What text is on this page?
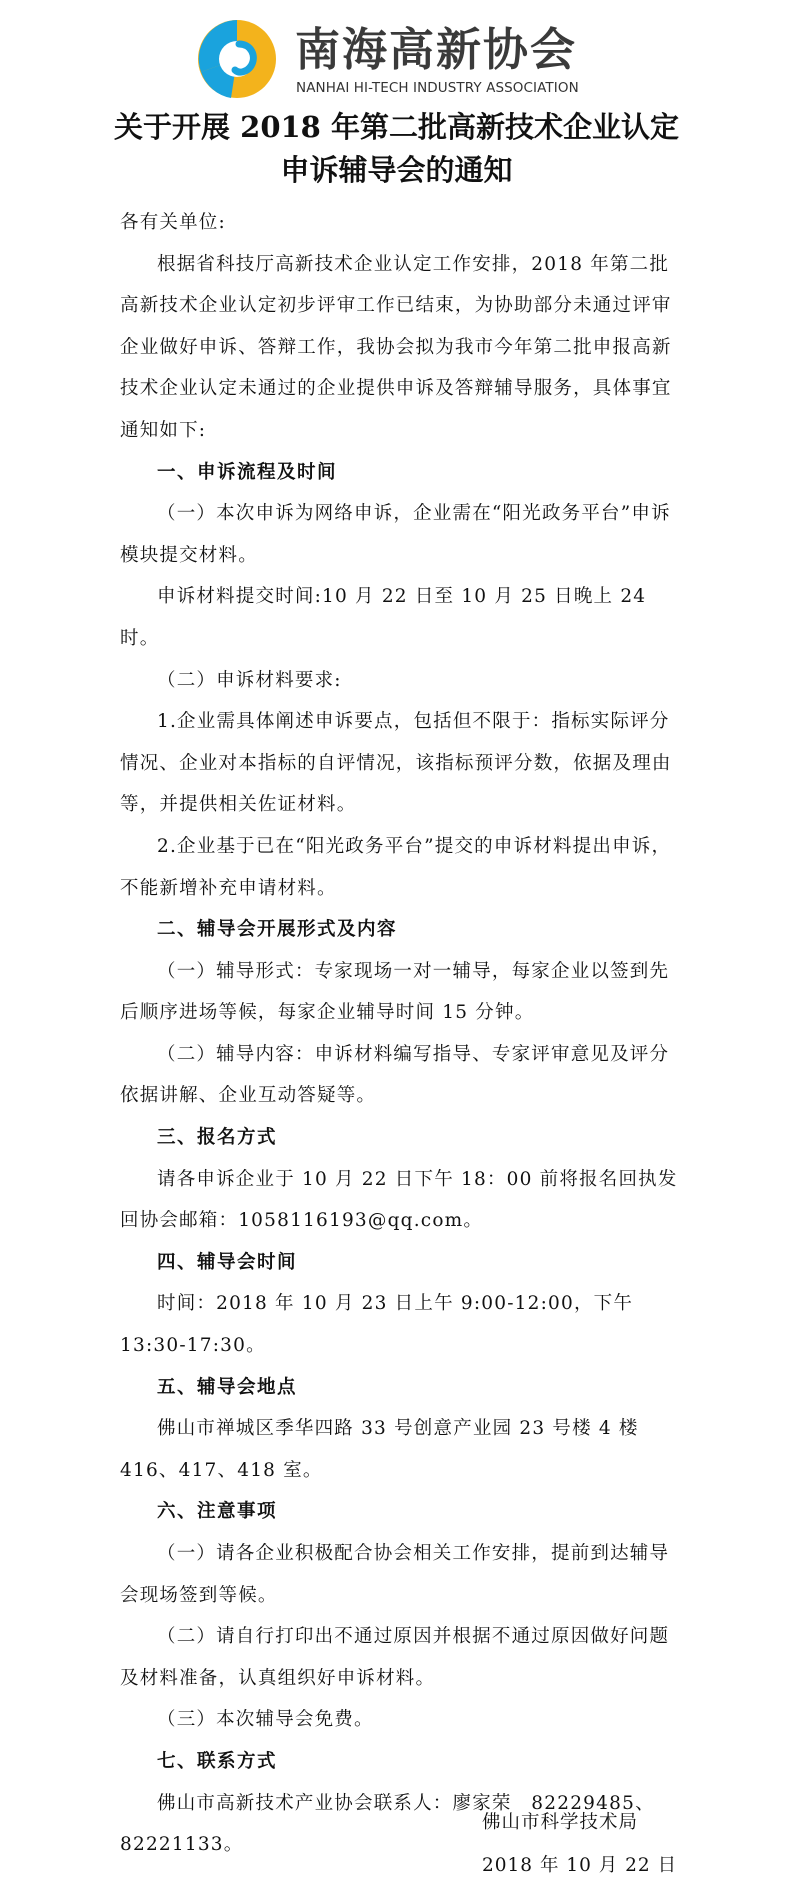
南海高新协会
NANHAI HI-TECH INDUSTRY ASSOCIATION
关于开展 2018 年第二批高新技术企业认定
申诉辅导会的通知

各有关单位:

根据省科技厅高新技术企业认定工作安排，2018 年第二批高新技术企业认定初步评审工作已结束，为协助部分未通过评审企业做好申诉、答辩工作，我协会拟为我市今年第二批申报高新技术企业认定未通过的企业提供申诉及答辩辅导服务，具体事宜通知如下:

一、申诉流程及时间

（一）本次申诉为网络申诉，企业需在“阳光政务平台”申诉模块提交材料。

申诉材料提交时间:10 月 22 日至 10 月 25 日晚上 24 时。

（二）申诉材料要求:

1.企业需具体阐述申诉要点，包括但不限于：指标实际评分情况、企业对本指标的自评情况，该指标预评分数，依据及理由等，并提供相关佐证材料。

2.企业基于已在“阳光政务平台”提交的申诉材料提出申诉，不能新增补充申请材料。

二、辅导会开展形式及内容

（一）辅导形式：专家现场一对一辅导，每家企业以签到先后顺序进场等候，每家企业辅导时间 15 分钟。

（二）辅导内容：申诉材料编写指导、专家评审意见及评分依据讲解、企业互动答疑等。

三、报名方式

请各申诉企业于 10 月 22 日下午 18：00 前将报名回执发回协会邮箱：1058116193@qq.com。

四、辅导会时间

时间：2018 年 10 月 23 日上午 9:00-12:00，下午 13:30-17:30。

五、辅导会地点

佛山市禅城区季华四路 33 号创意产业园 23 号楼 4 楼 416、417、418 室。

六、注意事项

（一）请各企业积极配合协会相关工作安排，提前到达辅导会现场签到等候。

（二）请自行打印出不通过原因并根据不通过原因做好问题及材料准备，认真组织好申诉材料。

（三）本次辅导会免费。

七、联系方式

佛山市高新技术产业协会联系人：廖家荣　82229485、82221133。

佛山市科学技术局
2018 年 10 月 22 日
